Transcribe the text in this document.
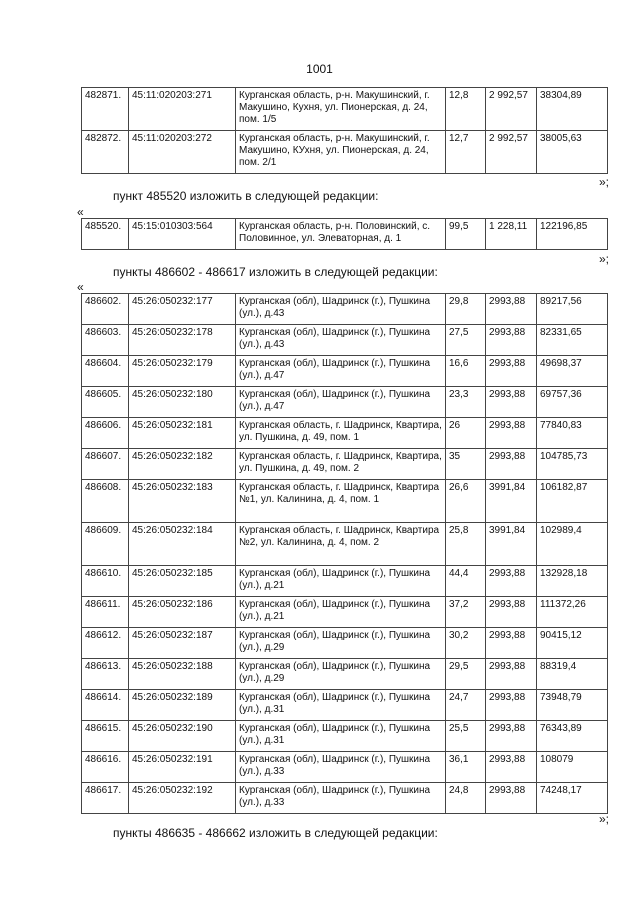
1001
482871.	45:11:020203:271	Курганская область, р-н. Макушинский, г. Макушино, Кухня, ул. Пионерская, д. 24, пом. 1/5	12,8	2 992,57	38304,89
482872.	45:11:020203:272	Курганская область, р-н. Макушинский, г. Макушино, КУхня, ул. Пионерская, д. 24, пом. 2/1	12,7	2 992,57	38005,63
»;
пункт 485520 изложить в следующей редакции:
«
485520.	45:15:010303:564	Курганская область, р-н. Половинский, с. Половинное, ул. Элеваторная, д. 1	99,5	1 228,11	122196,85
»;
пункты 486602 - 486617 изложить в следующей редакции:
«
486602.	45:26:050232:177	Курганская (обл), Шадринск (г.), Пушкина (ул.), д.43	29,8	2993,88	89217,56
486603.	45:26:050232:178	Курганская (обл), Шадринск (г.), Пушкина (ул.), д.43	27,5	2993,88	82331,65
486604.	45:26:050232:179	Курганская (обл), Шадринск (г.), Пушкина (ул.), д.47	16,6	2993,88	49698,37
486605.	45:26:050232:180	Курганская (обл), Шадринск (г.), Пушкина (ул.), д.47	23,3	2993,88	69757,36
486606.	45:26:050232:181	Курганская область, г. Шадринск, Квартира, ул. Пушкина, д. 49, пом. 1	26	2993,88	77840,83
486607.	45:26:050232:182	Курганская область, г. Шадринск, Квартира, ул. Пушкина, д. 49, пом. 2	35	2993,88	104785,73
486608.	45:26:050232:183	Курганская область, г. Шадринск, Квартира №1, ул. Калинина, д. 4, пом. 1	26,6	3991,84	106182,87
486609.	45:26:050232:184	Курганская область, г. Шадринск, Квартира №2, ул. Калинина, д. 4, пом. 2	25,8	3991,84	102989,4
486610.	45:26:050232:185	Курганская (обл), Шадринск (г.), Пушкина (ул.), д.21	44,4	2993,88	132928,18
486611.	45:26:050232:186	Курганская (обл), Шадринск (г.), Пушкина (ул.), д.21	37,2	2993,88	111372,26
486612.	45:26:050232:187	Курганская (обл), Шадринск (г.), Пушкина (ул.), д.29	30,2	2993,88	90415,12
486613.	45:26:050232:188	Курганская (обл), Шадринск (г.), Пушкина (ул.), д.29	29,5	2993,88	88319,4
486614.	45:26:050232:189	Курганская (обл), Шадринск (г.), Пушкина (ул.), д.31	24,7	2993,88	73948,79
486615.	45:26:050232:190	Курганская (обл), Шадринск (г.), Пушкина (ул.), д.31	25,5	2993,88	76343,89
486616.	45:26:050232:191	Курганская (обл), Шадринск (г.), Пушкина (ул.), д.33	36,1	2993,88	108079
486617.	45:26:050232:192	Курганская (обл), Шадринск (г.), Пушкина (ул.), д.33	24,8	2993,88	74248,17
»;
пункты 486635 - 486662 изложить в следующей редакции:
